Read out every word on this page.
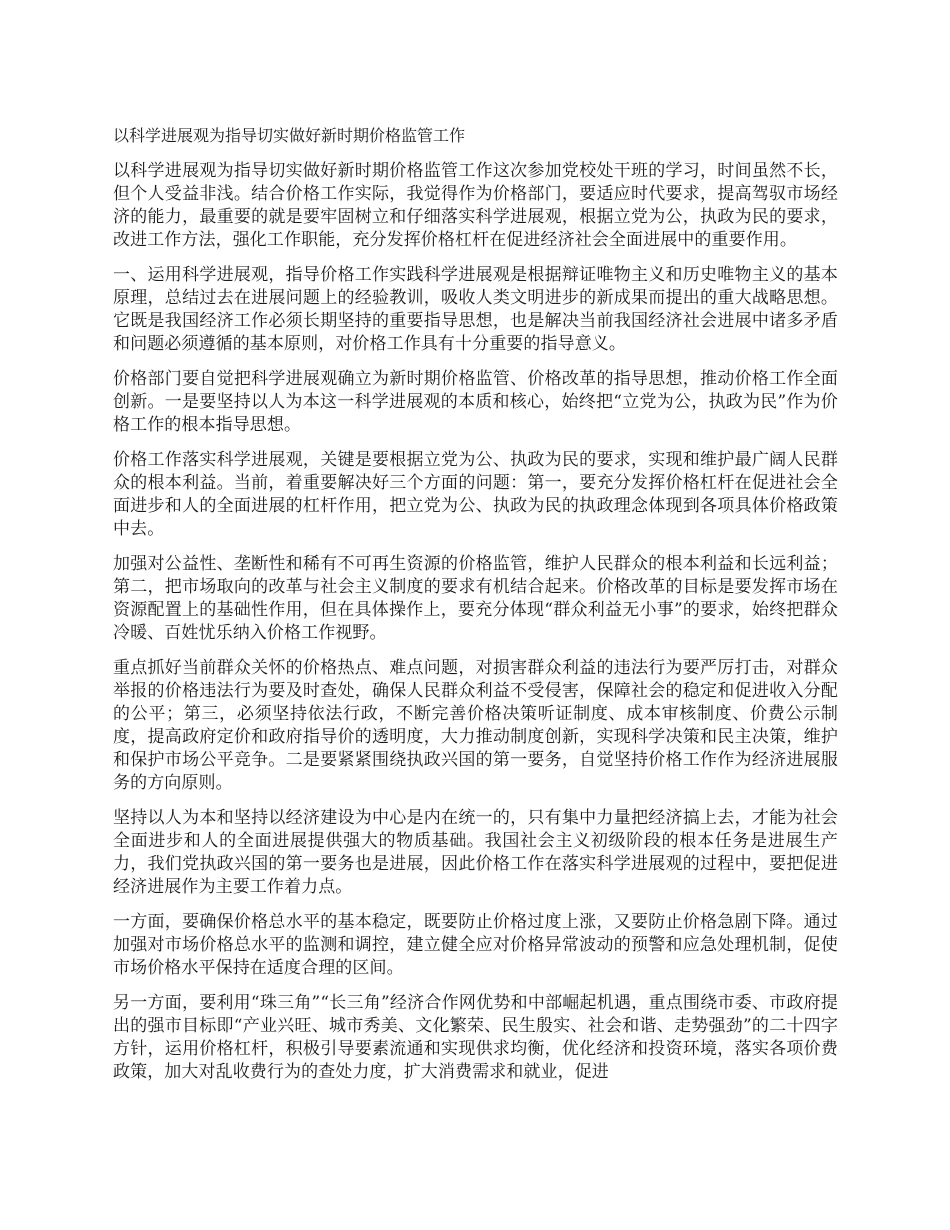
以科学进展观为指导切实做好新时期价格监管工作

以科学进展观为指导切实做好新时期价格监管工作这次参加党校处干班的学习，时间虽然不长，但个人受益非浅。结合价格工作实际，我觉得作为价格部门，要适应时代要求，提高驾驭市场经济的能力，最重要的就是要牢固树立和仔细落实科学进展观，根据立党为公，执政为民的要求，改进工作方法，强化工作职能，充分发挥价格杠杆在促进经济社会全面进展中的重要作用。

一、运用科学进展观，指导价格工作实践科学进展观是根据辩证唯物主义和历史唯物主义的基本原理，总结过去在进展问题上的经验教训，吸收人类文明进步的新成果而提出的重大战略思想。它既是我国经济工作必须长期坚持的重要指导思想，也是解决当前我国经济社会进展中诸多矛盾和问题必须遵循的基本原则，对价格工作具有十分重要的指导意义。

价格部门要自觉把科学进展观确立为新时期价格监管、价格改革的指导思想，推动价格工作全面创新。一是要坚持以人为本这一科学进展观的本质和核心，始终把“立党为公，执政为民”作为价格工作的根本指导思想。

价格工作落实科学进展观，关键是要根据立党为公、执政为民的要求，实现和维护最广阔人民群众的根本利益。当前，着重要解决好三个方面的问题：第一，要充分发挥价格杠杆在促进社会全面进步和人的全面进展的杠杆作用，把立党为公、执政为民的执政理念体现到各项具体价格政策中去。

加强对公益性、垄断性和稀有不可再生资源的价格监管，维护人民群众的根本利益和长远利益；第二，把市场取向的改革与社会主义制度的要求有机结合起来。价格改革的目标是要发挥市场在资源配置上的基础性作用，但在具体操作上，要充分体现“群众利益无小事”的要求，始终把群众冷暖、百姓忧乐纳入价格工作视野。

重点抓好当前群众关怀的价格热点、难点问题，对损害群众利益的违法行为要严厉打击，对群众举报的价格违法行为要及时查处，确保人民群众利益不受侵害，保障社会的稳定和促进收入分配的公平；第三，必须坚持依法行政，不断完善价格决策听证制度、成本审核制度、价费公示制度，提高政府定价和政府指导价的透明度，大力推动制度创新，实现科学决策和民主决策，维护和保护市场公平竞争。二是要紧紧围绕执政兴国的第一要务，自觉坚持价格工作作为经济进展服务的方向原则。

坚持以人为本和坚持以经济建设为中心是内在统一的，只有集中力量把经济搞上去，才能为社会全面进步和人的全面进展提供强大的物质基础。我国社会主义初级阶段的根本任务是进展生产力，我们党执政兴国的第一要务也是进展，因此价格工作在落实科学进展观的过程中，要把促进经济进展作为主要工作着力点。

一方面，要确保价格总水平的基本稳定，既要防止价格过度上涨，又要防止价格急剧下降。通过加强对市场价格总水平的监测和调控，建立健全应对价格异常波动的预警和应急处理机制，促使市场价格水平保持在适度合理的区间。

另一方面，要利用“珠三角”“长三角”经济合作网优势和中部崛起机遇，重点围绕市委、市政府提出的强市目标即“产业兴旺、城市秀美、文化繁荣、民生殷实、社会和谐、走势强劲”的二十四字方针，运用价格杠杆，积极引导要素流通和实现供求均衡，优化经济和投资环境，落实各项价费政策，加大对乱收费行为的查处力度，扩大消费需求和就业，促进
